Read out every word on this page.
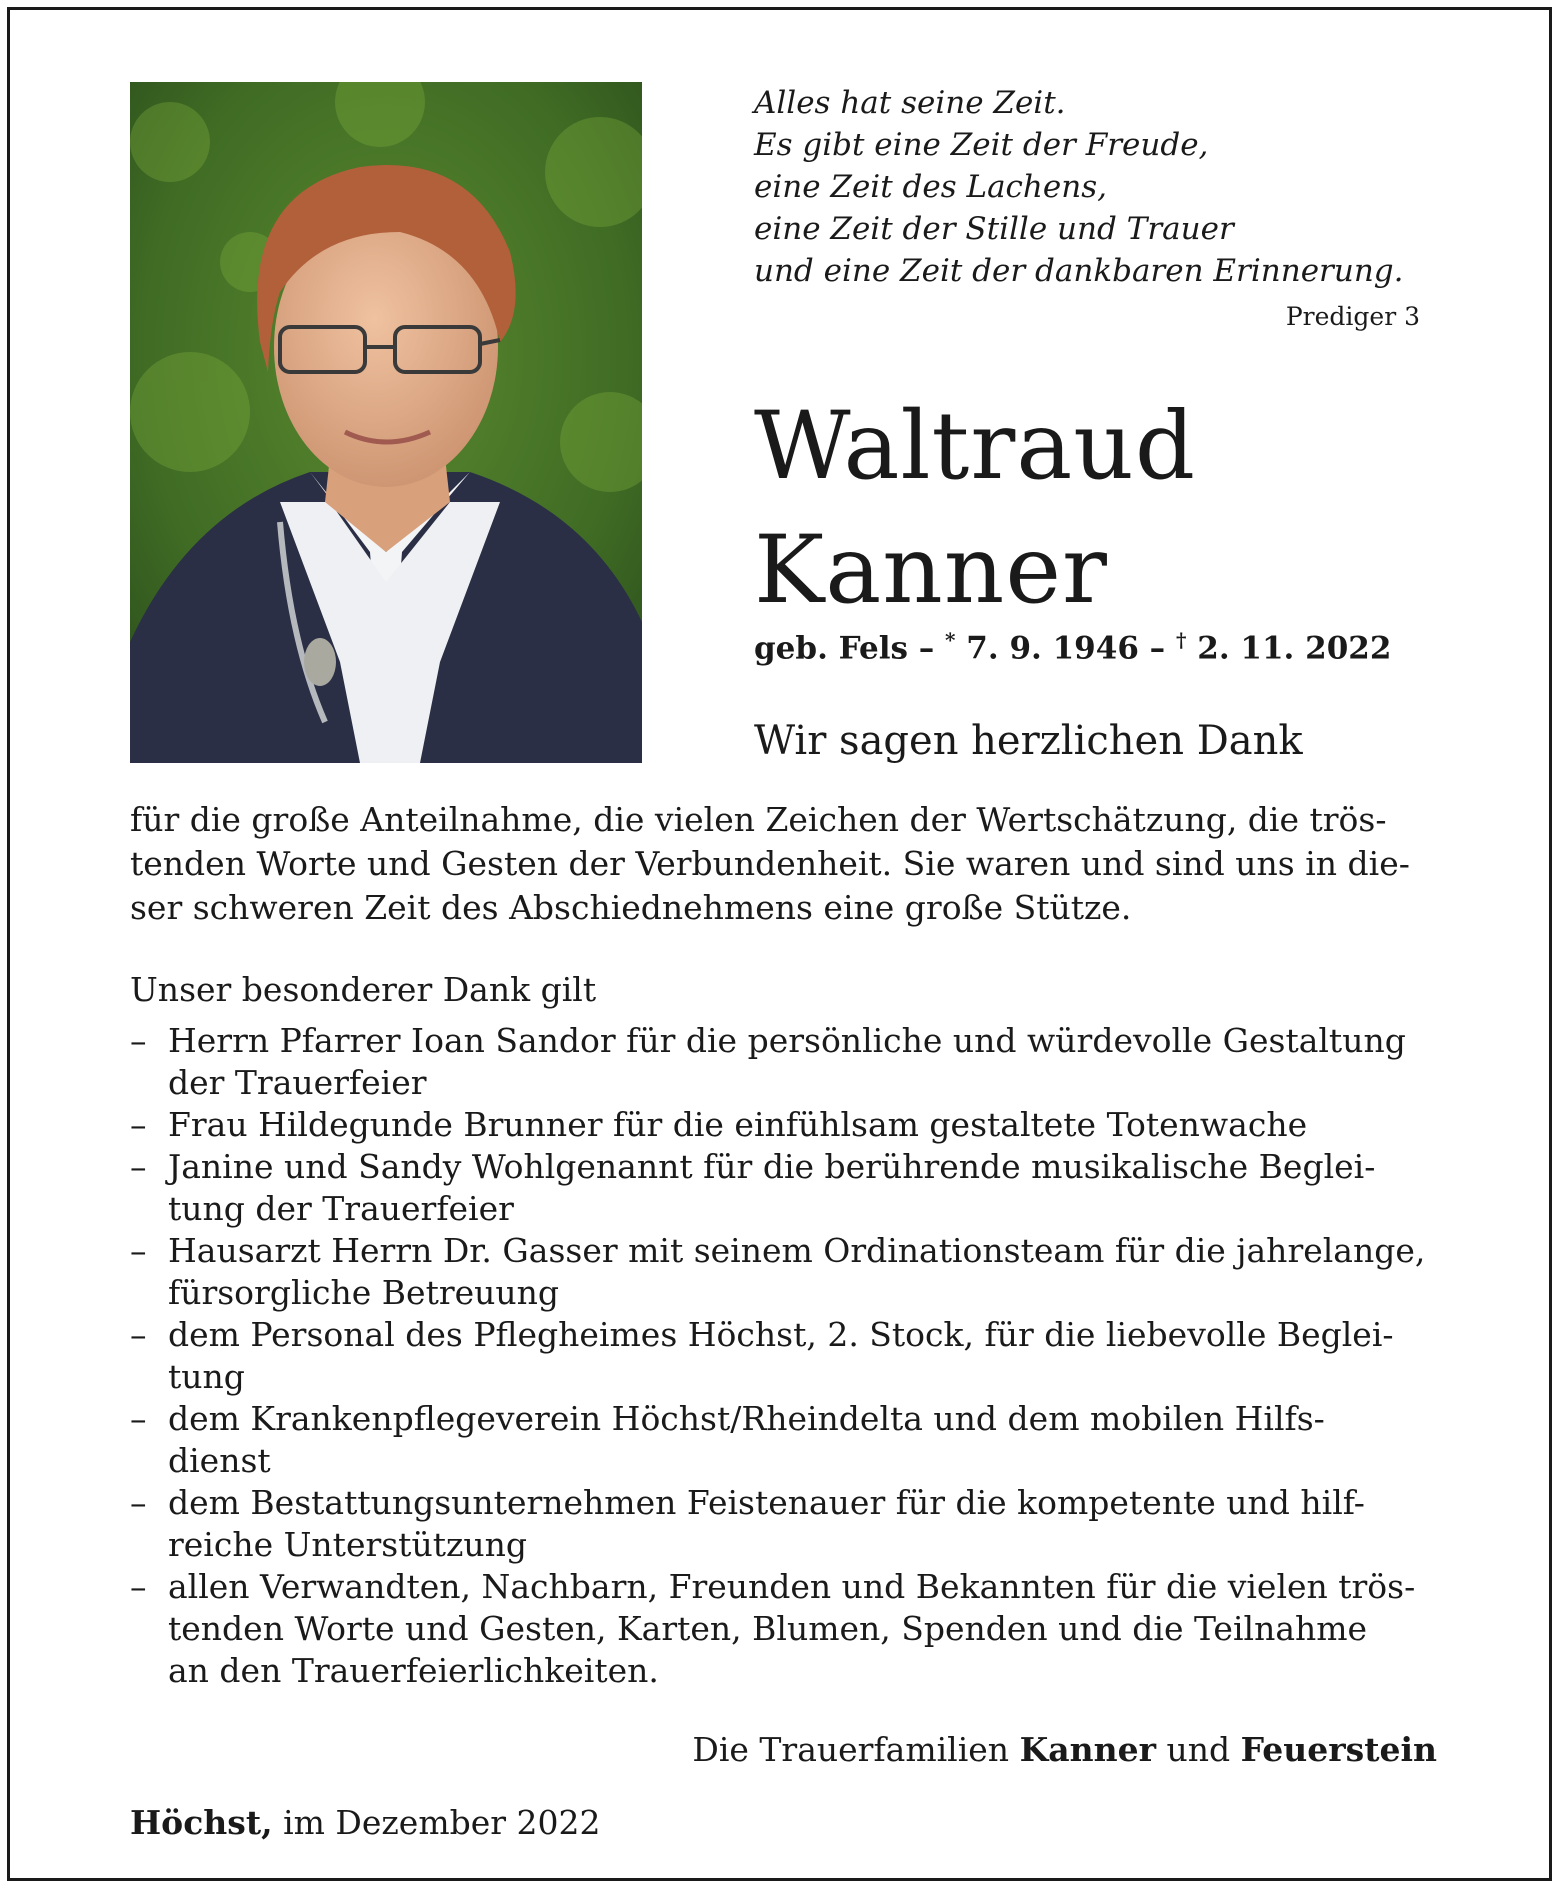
Alles hat seine Zeit.
Es gibt eine Zeit der Freude,
eine Zeit des Lachens,
eine Zeit der Stille und Trauer
und eine Zeit der dankbaren Erinnerung.
Prediger 3
Waltraud
Kanner
geb. Fels – * 7. 9. 1946 – † 2. 11. 2022
Wir sagen herzlichen Dank
für die große Anteilnahme, die vielen Zeichen der Wertschätzung, die trös-
tenden Worte und Gesten der Verbundenheit. Sie waren und sind uns in die-
ser schweren Zeit des Abschiednehmens eine große Stütze.
Unser besonderer Dank gilt
– Herrn Pfarrer Ioan Sandor für die persönliche und würdevolle Gestaltung
der Trauerfeier
– Frau Hildegunde Brunner für die einfühlsam gestaltete Totenwache
– Janine und Sandy Wohlgenannt für die berührende musikalische Beglei-
tung der Trauerfeier
– Hausarzt Herrn Dr. Gasser mit seinem Ordinationsteam für die jahrelange,
fürsorgliche Betreuung
– dem Personal des Pflegheimes Höchst, 2. Stock, für die liebevolle Beglei-
tung
– dem Krankenpflegeverein Höchst/Rheindelta und dem mobilen Hilfs-
dienst
– dem Bestattungsunternehmen Feistenauer für die kompetente und hilf-
reiche Unterstützung
– allen Verwandten, Nachbarn, Freunden und Bekannten für die vielen trös-
tenden Worte und Gesten, Karten, Blumen, Spenden und die Teilnahme
an den Trauerfeierlichkeiten.
Die Trauerfamilien Kanner und Feuerstein
Höchst, im Dezember 2022
